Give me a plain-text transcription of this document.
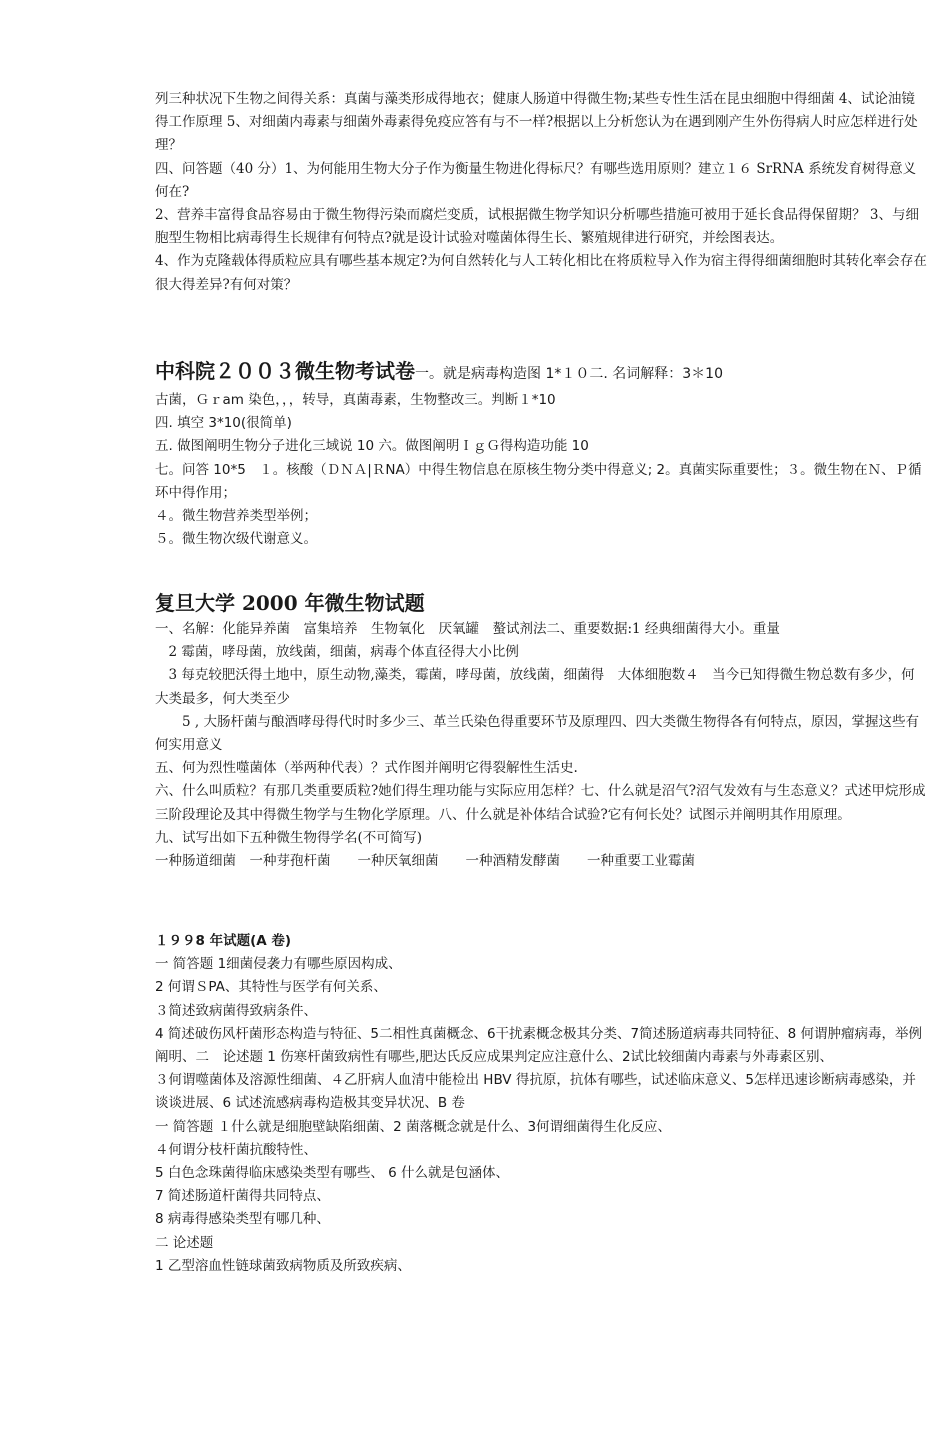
列三种状况下生物之间得关系：真菌与藻类形成得地衣；健康人肠道中得微生物;某些专性生活在昆虫细胞中得细菌 4、试论油镜得工作原理 5、对细菌内毒素与细菌外毒素得免疫应答有与不一样?根据以上分析您认为在遇到刚产生外伤得病人时应怎样进行处理？

四、问答题（40 分）1、为何能用生物大分子作为衡量生物进化得标尺？有哪些选用原则？建立１６ SrRNA 系统发育树得意义何在?

2、营养丰富得食品容易由于微生物得污染而腐烂变质，试根据微生物学知识分析哪些措施可被用于延长食品得保留期？ 3、与细胞型生物相比病毒得生长规律有何特点?就是设计试验对噬菌体得生长、繁殖规律进行研究，并绘图表达。

4、作为克隆载体得质粒应具有哪些基本规定?为何自然转化与人工转化相比在将质粒导入作为宿主得得细菌细胞时其转化率会存在很大得差异?有何对策？

中科院２００３微生物考试卷一。就是病毒构造图 1*１０二. 名词解释：3＊10

古菌，Ｇｒam 染色，，，转导，真菌毒素，生物整改三。判断１*10

四. 填空 3*10(很简单)

五. 做图阐明生物分子进化三域说 10 六。做图阐明ＩｇＧ得构造功能 10

七。问答 10*5　１。核酸（ＤＮＡ|ＲNA）中得生物信息在原核生物分类中得意义; 2。真菌实际重要性；３。微生物在Ｎ、Ｐ循环中得作用；

４。微生物营养类型举例；

５。微生物次级代谢意义。

复旦大学 2000 年微生物试题

一、名解：化能异养菌　富集培养　生物氧化　厌氧罐　螯试剂法二、重要数据:1 经典细菌得大小。重量

　2 霉菌，哮母菌，放线菌，细菌，病毒个体直径得大小比例

　3 每克较肥沃得土地中，原生动物,藻类，霉菌，哮母菌，放线菌，细菌得　大体细胞数４　当今已知得微生物总数有多少，何大类最多，何大类至少

　　5 , 大肠杆菌与酿酒哮母得代时时多少三、革兰氏染色得重要环节及原理四、四大类微生物得各有何特点，原因，掌握这些有何实用意义

五、何为烈性噬菌体（举两种代表）？式作图并阐明它得裂解性生活史.

六、什么叫质粒？有那几类重要质粒?她们得生理功能与实际应用怎样？七、什么就是沼气?沼气发效有与生态意义？式述甲烷形成三阶段理论及其中得微生物学与生物化学原理。八、什么就是补体结合试验?它有何长处？试图示并阐明其作用原理。

九、试写出如下五种微生物得学名(不可简写)

一种肠道细菌　一种芽孢杆菌　　一种厌氧细菌　　一种酒精发酵菌　　一种重要工业霉菌

１９９8 年试题(A 卷)

一 简答题 1细菌侵袭力有哪些原因构成、

2 何谓ＳPA、其特性与医学有何关系、

３简述致病菌得致病条件、

4 简述破伤风杆菌形态构造与特征、5二相性真菌概念、6干扰素概念极其分类、7简述肠道病毒共同特征、8 何谓肿瘤病毒，举例阐明、二　论述题 1 伤寒杆菌致病性有哪些,肥达氏反应成果判定应注意什么、2试比较细菌内毒素与外毒素区别、

３何谓噬菌体及溶源性细菌、４乙肝病人血清中能检出 HBV 得抗原，抗体有哪些，试述临床意义、5怎样迅速诊断病毒感染，并谈谈进展、6 试述流感病毒构造极其变异状况、B 卷

一 简答题 １什么就是细胞壁缺陷细菌、2 菌落概念就是什么、3何谓细菌得生化反应、

４何谓分枝杆菌抗酸特性、

5 白色念珠菌得临床感染类型有哪些、 6 什么就是包涵体、

7 简述肠道杆菌得共同特点、

8 病毒得感染类型有哪几种、

二 论述题

1 乙型溶血性链球菌致病物质及所致疾病、
